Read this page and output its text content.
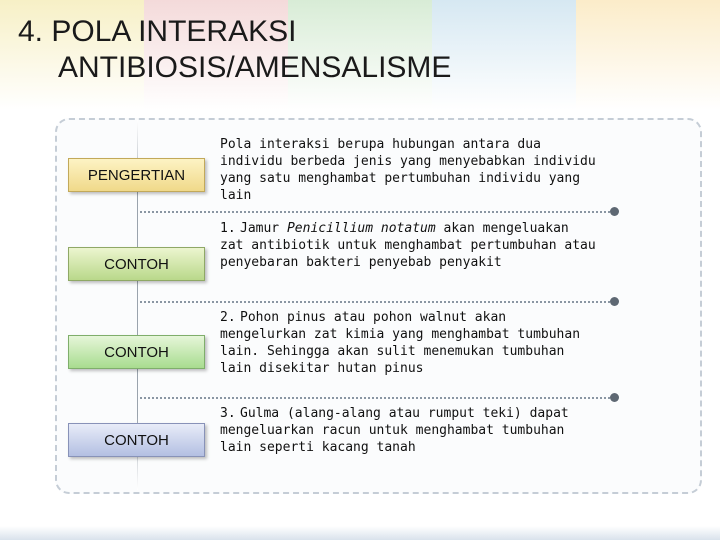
4. POLA INTERAKSI
ANTIBIOSIS/AMENSALISME
PENGERTIAN
Pola interaksi berupa hubungan antara dua individu berbeda jenis yang menyebabkan individu yang satu menghambat pertumbuhan individu yang lain
CONTOH
1. Jamur Penicillium notatum akan mengeluakan zat antibiotik untuk menghambat pertumbuhan atau penyebaran bakteri penyebab penyakit
CONTOH
2. Pohon pinus atau pohon walnut akan mengelurkan zat kimia yang menghambat tumbuhan lain. Sehingga akan sulit menemukan tumbuhan lain disekitar hutan pinus
CONTOH
3. Gulma (alang-alang atau rumput teki) dapat mengeluarkan racun untuk menghambat tumbuhan lain seperti kacang tanah
